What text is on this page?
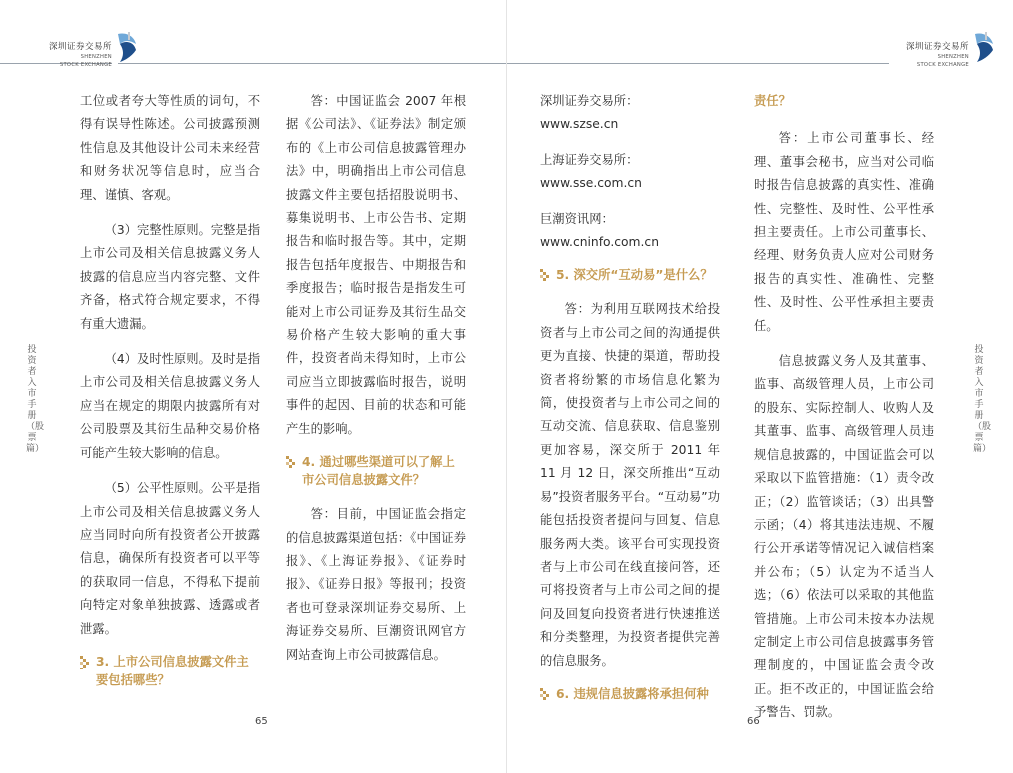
深圳证券交易所
SHENZHEN
STOCK EXCHANGE
投资者入市手册（股票篇）

工位或者夸大等性质的词句，不得有误导性陈述。公司披露预测性信息及其他设计公司未来经营和财务状况等信息时，应当合理、谨慎、客观。

（3）完整性原则。完整是指上市公司及相关信息披露义务人披露的信息应当内容完整、文件齐备，格式符合规定要求，不得有重大遗漏。

（4）及时性原则。及时是指上市公司及相关信息披露义务人应当在规定的期限内披露所有对公司股票及其衍生品种交易价格可能产生较大影响的信息。

（5）公平性原则。公平是指上市公司及相关信息披露义务人应当同时向所有投资者公开披露信息，确保所有投资者可以平等的获取同一信息，不得私下提前向特定对象单独披露、透露或者泄露。

3. 上市公司信息披露文件主要包括哪些？

答：中国证监会 2007 年根据《公司法》、《证券法》制定颁布的《上市公司信息披露管理办法》中，明确指出上市公司信息披露文件主要包括招股说明书、募集说明书、上市公告书、定期报告和临时报告等。其中，定期报告包括年度报告、中期报告和季度报告；临时报告是指发生可能对上市公司证券及其衍生品交易价格产生较大影响的重大事件，投资者尚未得知时，上市公司应当立即披露临时报告，说明事件的起因、目前的状态和可能产生的影响。

4. 通过哪些渠道可以了解上市公司信息披露文件？

答：目前，中国证监会指定的信息披露渠道包括：《中国证券报》、《上海证券报》、《证券时报》、《证券日报》等报刊；投资者也可登录深圳证券交易所、上海证券交易所、巨潮资讯网官方网站查询上市公司披露信息。

65
深圳证券交易所
SHENZHEN
STOCK EXCHANGE
投资者入市手册（股票篇）

深圳证券交易所：

www.szse.cn

上海证券交易所：

www.sse.com.cn

巨潮资讯网：

www.cninfo.com.cn

5. 深交所“互动易”是什么？

答：为利用互联网技术给投资者与上市公司之间的沟通提供更为直接、快捷的渠道，帮助投资者将纷繁的市场信息化繁为简，使投资者与上市公司之间的互动交流、信息获取、信息鉴别更加容易，深交所于 2011 年 11 月 12 日，深交所推出“互动易”投资者服务平台。“互动易”功能包括投资者提问与回复、信息服务两大类。该平台可实现投资者与上市公司在线直接问答，还可将投资者与上市公司之间的提问及回复向投资者进行快速推送和分类整理，为投资者提供完善的信息服务。

6. 违规信息披露将承担何种
责任？

答：上市公司董事长、经理、董事会秘书，应当对公司临时报告信息披露的真实性、准确性、完整性、及时性、公平性承担主要责任。上市公司董事长、经理、财务负责人应对公司财务报告的真实性、准确性、完整性、及时性、公平性承担主要责任。

信息披露义务人及其董事、监事、高级管理人员，上市公司的股东、实际控制人、收购人及其董事、监事、高级管理人员违规信息披露的，中国证监会可以采取以下监管措施：（1）责令改正；（2）监管谈话；（3）出具警示函；（4）将其违法违规、不履行公开承诺等情况记入诚信档案并公布；（5）认定为不适当人选；（6）依法可以采取的其他监管措施。上市公司未按本办法规定制定上市公司信息披露事务管理制度的，中国证监会责令改正。拒不改正的，中国证监会给予警告、罚款。

66
